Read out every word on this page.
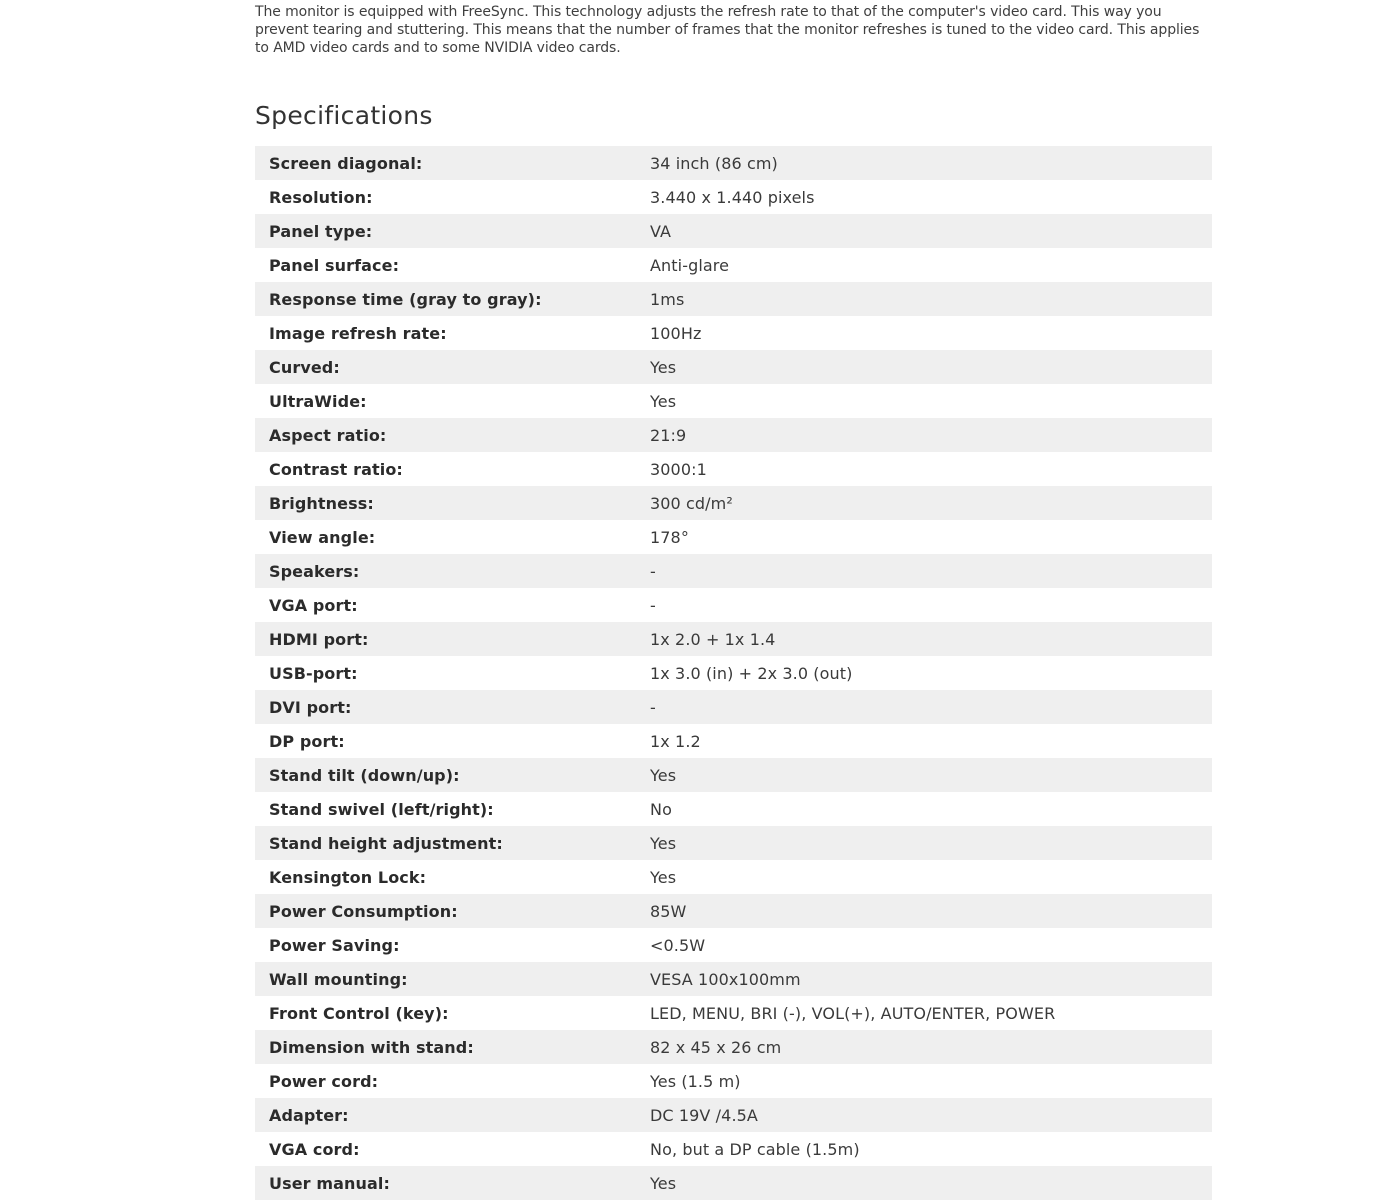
The monitor is equipped with FreeSync. This technology adjusts the refresh rate to that of the computer's video card. This way you prevent tearing and stuttering. This means that the number of frames that the monitor refreshes is tuned to the video card. This applies to AMD video cards and to some NVIDIA video cards.

Specifications
Screen diagonal:	34 inch (86 cm)
Resolution:	3.440 x 1.440 pixels
Panel type:	VA
Panel surface:	Anti-glare
Response time (gray to gray):	1ms
Image refresh rate:	100Hz
Curved:	Yes
UltraWide:	Yes
Aspect ratio:	21:9
Contrast ratio:	3000:1
Brightness:	300 cd/m²
View angle:	178°
Speakers:	-
VGA port:	-
HDMI port:	1x 2.0 + 1x 1.4
USB-port:	1x 3.0 (in) + 2x 3.0 (out)
DVI port:	-
DP port:	1x 1.2
Stand tilt (down/up):	Yes
Stand swivel (left/right):	No
Stand height adjustment:	Yes
Kensington Lock:	Yes
Power Consumption:	85W
Power Saving:	<0.5W
Wall mounting:	VESA 100x100mm
Front Control (key):	LED, MENU, BRI (-), VOL(+), AUTO/ENTER, POWER
Dimension with stand:	82 x 45 x 26 cm
Power cord:	Yes (1.5 m)
Adapter:	DC 19V /4.5A
VGA cord:	No, but a DP cable (1.5m)
User manual:	Yes
